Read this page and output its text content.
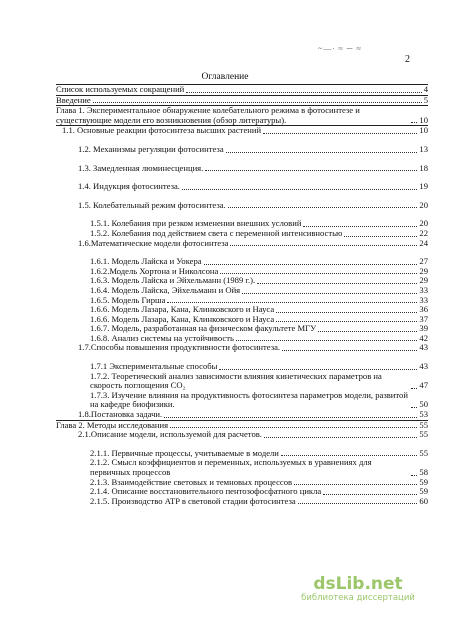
~—∙ ≈ ─ ≈
2
Оглавление
Список используемых сокращений	4
Введение	5
Глава 1. Экспериментальное обнаружение колебательного режима в фотосинтезе и существующие модели его возникновения (обзор литературы).	10
1.1. Основные реакции фотосинтеза высших растений	10
1.2. Механизмы регуляции фотосинтеза	13
1.3. Замедленная люминесценция.	18
1.4. Индукция фотосинтеза.	19
1.5. Колебательный режим фотосинтеза.	20
1.5.1. Колебания при резком изменении внешних условий	20
1.5.2. Колебания под действием света с переменной интенсивностью	22
1.6.Математические модели фотосинтеза	24
1.6.1. Модель Лайска и Уокера	27
1.6.2.Модель Хортона и Николсона	29
1.6.3. Модель Лайска и Эйхельманн (1989 г.).	29
1.6.4. Модель Лайска, Эйхельманн и Ойя	33
1.6.5. Модель Гирша	33
1.6.6. Модель Лазара, Кана, Клинковского и Науса	36
1.6.6. Модель Лазара, Кана, Клинковского и Науса	37
1.6.7. Модель, разработанная на физическом факультете МГУ	39
1.6.8. Анализ системы на устойчивость	42
1.7.Способы повышения продуктивности фотосинтеза.	43
1.7.1 Экспериментальные способы	43
1.7.2. Теоретический анализ зависимости влияния кинетических параметров на скорость поглощения CO₂	47
1.7.3. Изучение влияния на продуктивность фотосинтеза параметров модели, развитой на кафедре биофизики.	50
1.8.Постановка задачи.	53
Глава 2. Методы исследования	55
2.1.Описание модели, используемой для расчетов.	55
2.1.1. Первичные процессы, учитываемые в модели	55
2.1.2. Смысл коэффициентов и переменных, используемых в уравнениях для первичных процессов	58
2.1.3. Взаимодействие световых и темновых процессов	59
2.1.4. Описание восстановительного пентозофосфатного цикла	59
2.1.5. Производство ATP в световой стадии фотосинтеза	60
dsLib.net
библиотека диссертаций
